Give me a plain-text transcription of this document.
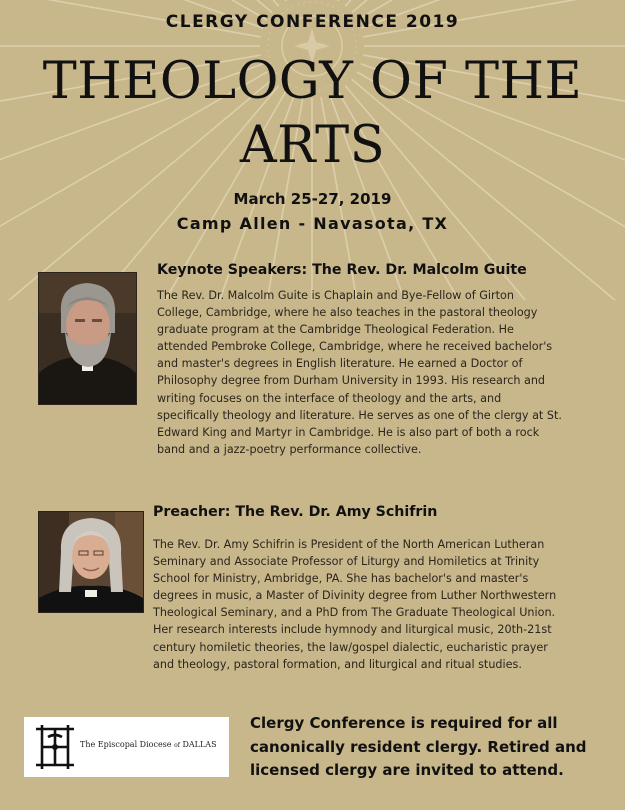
CLERGY CONFERENCE 2019
THEOLOGY OF THE
ARTS
March 25-27, 2019
Camp Allen - Navasota, TX
Keynote Speakers: The Rev. Dr. Malcolm Guite
The Rev. Dr. Malcolm Guite is Chaplain and Bye-Fellow of Girton
College, Cambridge, where he also teaches in the pastoral theology
graduate program at the Cambridge Theological Federation. He
attended Pembroke College, Cambridge, where he received bachelor's
and master's degrees in English literature. He earned a Doctor of
Philosophy degree from Durham University in 1993. His research and
writing focuses on the interface of theology and the arts, and
specifically theology and literature. He serves as one of the clergy at St.
Edward King and Martyr in Cambridge. He is also part of both a rock
band and a jazz-poetry performance collective.
Preacher: The Rev. Dr. Amy Schifrin
The Rev. Dr. Amy Schifrin is President of the North American Lutheran
Seminary and Associate Professor of Liturgy and Homiletics at Trinity
School for Ministry, Ambridge, PA. She has bachelor's and master's
degrees in music, a Master of Divinity degree from Luther Northwestern
Theological Seminary, and a PhD from The Graduate Theological Union.
Her research interests include hymnody and liturgical music, 20th-21st
century homiletic theories, the law/gospel dialectic, eucharistic prayer
and theology, pastoral formation, and liturgical and ritual studies.
The Episcopal Diocese of DALLAS
Clergy Conference is required for all
canonically resident clergy. Retired and
licensed clergy are invited to attend.
